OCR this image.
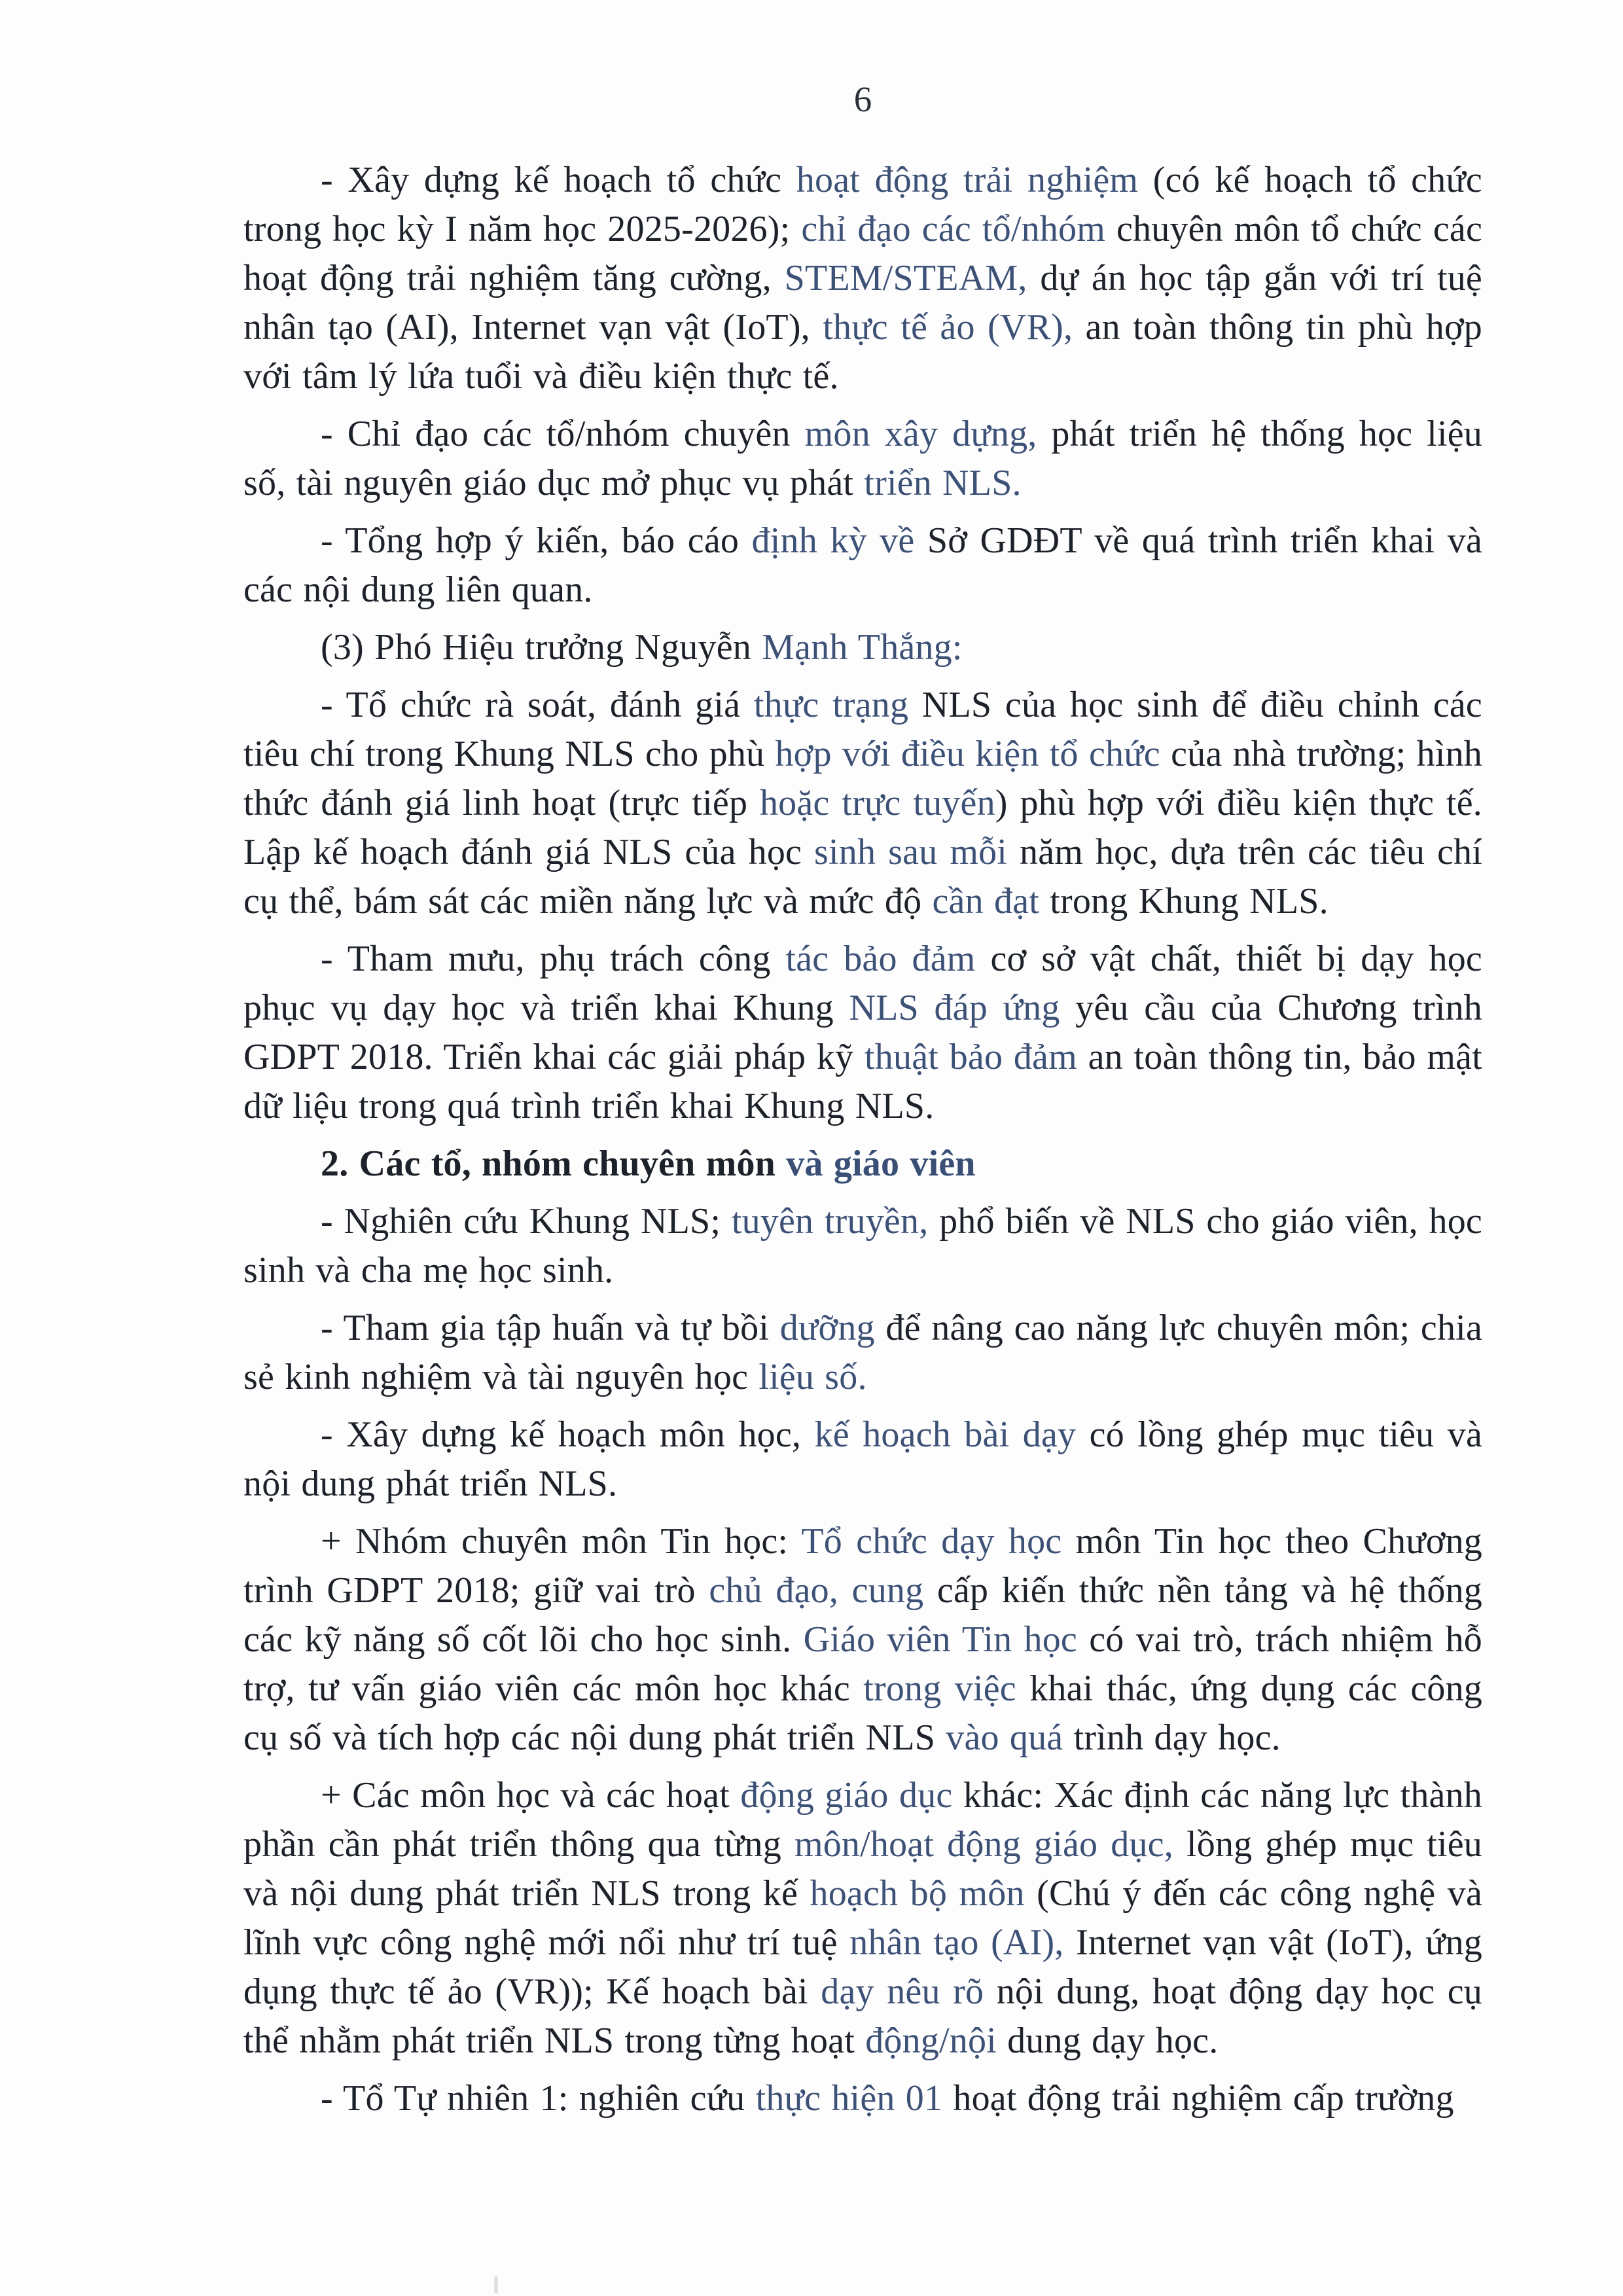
6

- Xây dựng kế hoạch tổ chức hoạt động trải nghiệm (có kế hoạch tổ chức trong học kỳ I năm học 2025-2026); chỉ đạo các tổ/nhóm chuyên môn tổ chức các hoạt động trải nghiệm tăng cường, STEM/STEAM, dự án học tập gắn với trí tuệ nhân tạo (AI), Internet vạn vật (IoT), thực tế ảo (VR), an toàn thông tin phù hợp với tâm lý lứa tuổi và điều kiện thực tế.

- Chỉ đạo các tổ/nhóm chuyên môn xây dựng, phát triển hệ thống học liệu số, tài nguyên giáo dục mở phục vụ phát triển NLS.

- Tổng hợp ý kiến, báo cáo định kỳ về Sở GDĐT về quá trình triển khai và các nội dung liên quan.

(3) Phó Hiệu trưởng Nguyễn Mạnh Thắng:

- Tổ chức rà soát, đánh giá thực trạng NLS của học sinh để điều chỉnh các tiêu chí trong Khung NLS cho phù hợp với điều kiện tổ chức của nhà trường; hình thức đánh giá linh hoạt (trực tiếp hoặc trực tuyến) phù hợp với điều kiện thực tế. Lập kế hoạch đánh giá NLS của học sinh sau mỗi năm học, dựa trên các tiêu chí cụ thể, bám sát các miền năng lực và mức độ cần đạt trong Khung NLS.

- Tham mưu, phụ trách công tác bảo đảm cơ sở vật chất, thiết bị dạy học phục vụ dạy học và triển khai Khung NLS đáp ứng yêu cầu của Chương trình GDPT 2018. Triển khai các giải pháp kỹ thuật bảo đảm an toàn thông tin, bảo mật dữ liệu trong quá trình triển khai Khung NLS.

2. Các tổ, nhóm chuyên môn và giáo viên

- Nghiên cứu Khung NLS; tuyên truyền, phổ biến về NLS cho giáo viên, học sinh và cha mẹ học sinh.

- Tham gia tập huấn và tự bồi dưỡng để nâng cao năng lực chuyên môn; chia sẻ kinh nghiệm và tài nguyên học liệu số.

- Xây dựng kế hoạch môn học, kế hoạch bài dạy có lồng ghép mục tiêu và nội dung phát triển NLS.

+ Nhóm chuyên môn Tin học: Tổ chức dạy học môn Tin học theo Chương trình GDPT 2018; giữ vai trò chủ đạo, cung cấp kiến thức nền tảng và hệ thống các kỹ năng số cốt lõi cho học sinh. Giáo viên Tin học có vai trò, trách nhiệm hỗ trợ, tư vấn giáo viên các môn học khác trong việc khai thác, ứng dụng các công cụ số và tích hợp các nội dung phát triển NLS vào quá trình dạy học.

+ Các môn học và các hoạt động giáo dục khác: Xác định các năng lực thành phần cần phát triển thông qua từng môn/hoạt động giáo dục, lồng ghép mục tiêu và nội dung phát triển NLS trong kế hoạch bộ môn (Chú ý đến các công nghệ và lĩnh vực công nghệ mới nổi như trí tuệ nhân tạo (AI), Internet vạn vật (IoT), ứng dụng thực tế ảo (VR)); Kế hoạch bài dạy nêu rõ nội dung, hoạt động dạy học cụ thể nhằm phát triển NLS trong từng hoạt động/nội dung dạy học.

- Tổ Tự nhiên 1: nghiên cứu thực hiện 01 hoạt động trải nghiệm cấp trường
